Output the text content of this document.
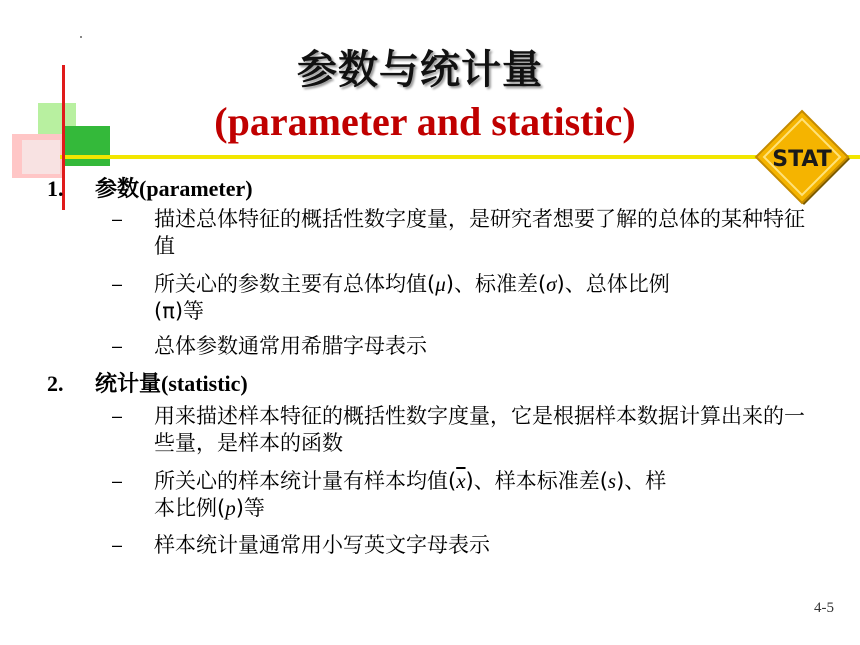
参数与统计量
(parameter and statistic)
STAT
1. 参数(parameter)
– 描述总体特征的概括性数字度量，是研究者想要了解的总体的某种特征值
– 所关心的参数主要有总体均值(μ)、标准差(σ)、总体比例
(π)等
– 总体参数通常用希腊字母表示
2. 统计量(statistic)
– 用来描述样本特征的概括性数字度量，它是根据样本数据计算出来的一些量，是样本的函数
– 所关心的样本统计量有样本均值$(\overline{x})$、样本标准差(s)、样
本比例(p)等
– 样本统计量通常用小写英文字母表示
4-5
